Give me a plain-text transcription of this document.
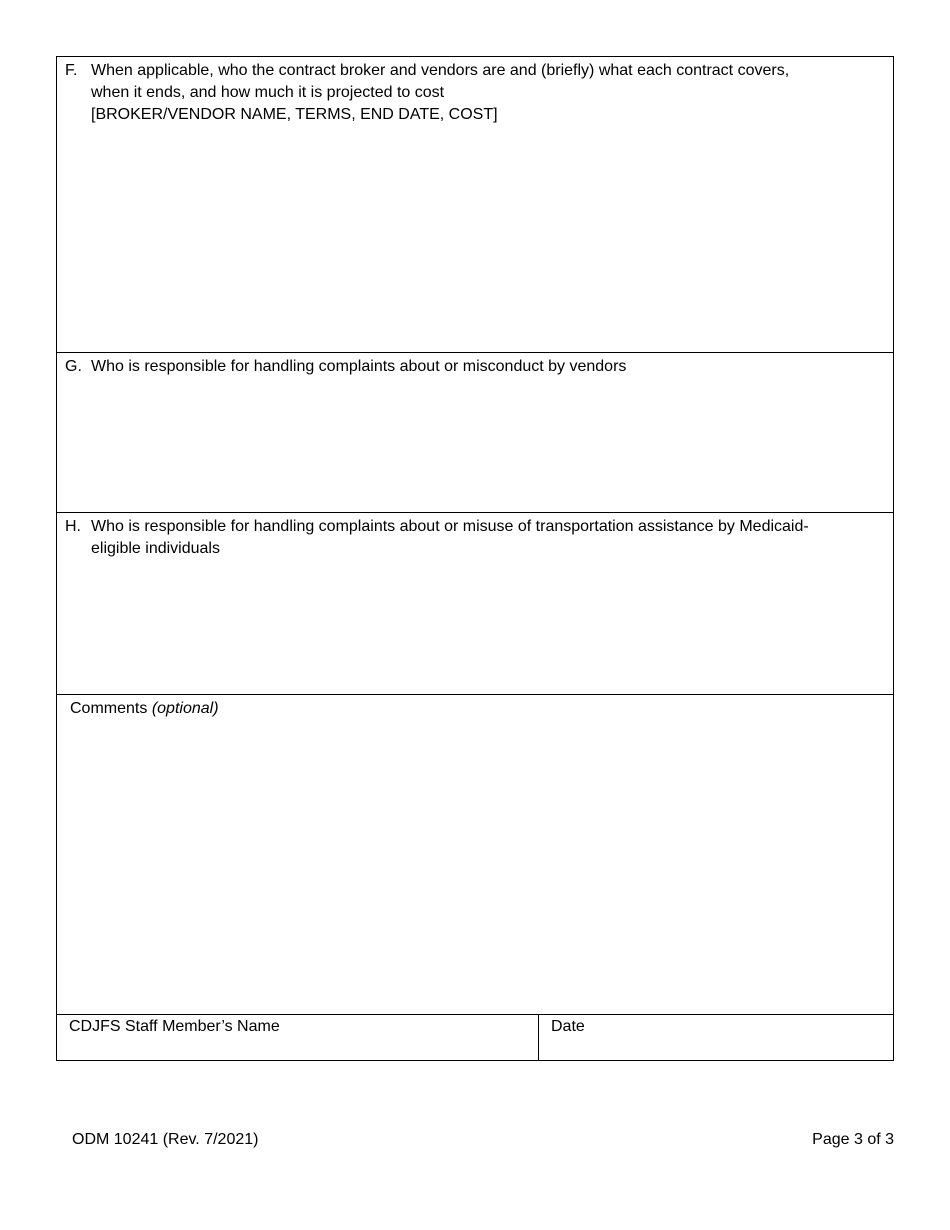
F. When applicable, who the contract broker and vendors are and (briefly) what each contract covers,
when it ends, and how much it is projected to cost
[BROKER/VENDOR NAME, TERMS, END DATE, COST]
G. Who is responsible for handling complaints about or misconduct by vendors
H. Who is responsible for handling complaints about or misuse of transportation assistance by Medicaid-
eligible individuals
Comments (optional)
CDJFS Staff Member’s Name	Date
ODM 10241 (Rev. 7/2021)	Page 3 of 3
